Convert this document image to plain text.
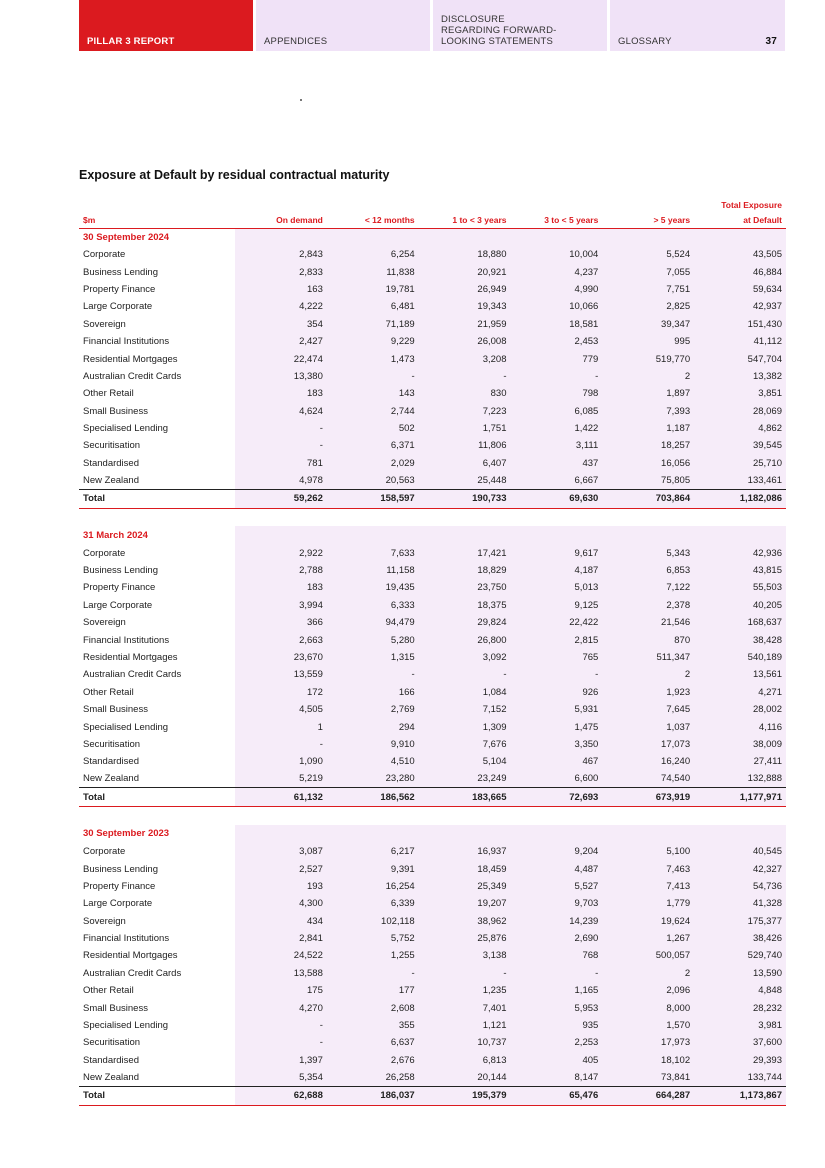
PILLAR 3 REPORT	APPENDICES
DISCLOSURE
REGARDING FORWARD-
LOOKING STATEMENTS	GLOSSARY	37
Exposure at Default by residual contractual maturity
						Total Exposure
$m	On demand	< 12 months	1 to < 3 years	3 to < 5 years	> 5 years	at Default
30 September 2024						
Corporate	2,843	6,254	18,880	10,004	5,524	43,505
Business Lending	2,833	11,838	20,921	4,237	7,055	46,884
Property Finance	163	19,781	26,949	4,990	7,751	59,634
Large Corporate	4,222	6,481	19,343	10,066	2,825	42,937
Sovereign	354	71,189	21,959	18,581	39,347	151,430
Financial Institutions	2,427	9,229	26,008	2,453	995	41,112
Residential Mortgages	22,474	1,473	3,208	779	519,770	547,704
Australian Credit Cards	13,380	-	-	-	2	13,382
Other Retail	183	143	830	798	1,897	3,851
Small Business	4,624	2,744	7,223	6,085	7,393	28,069
Specialised Lending	-	502	1,751	1,422	1,187	4,862
Securitisation	-	6,371	11,806	3,111	18,257	39,545
Standardised	781	2,029	6,407	437	16,056	25,710
New Zealand	4,978	20,563	25,448	6,667	75,805	133,461
Total	59,262	158,597	190,733	69,630	703,864	1,182,086

31 March 2024						
Corporate	2,922	7,633	17,421	9,617	5,343	42,936
Business Lending	2,788	11,158	18,829	4,187	6,853	43,815
Property Finance	183	19,435	23,750	5,013	7,122	55,503
Large Corporate	3,994	6,333	18,375	9,125	2,378	40,205
Sovereign	366	94,479	29,824	22,422	21,546	168,637
Financial Institutions	2,663	5,280	26,800	2,815	870	38,428
Residential Mortgages	23,670	1,315	3,092	765	511,347	540,189
Australian Credit Cards	13,559	-	-	-	2	13,561
Other Retail	172	166	1,084	926	1,923	4,271
Small Business	4,505	2,769	7,152	5,931	7,645	28,002
Specialised Lending	1	294	1,309	1,475	1,037	4,116
Securitisation	-	9,910	7,676	3,350	17,073	38,009
Standardised	1,090	4,510	5,104	467	16,240	27,411
New Zealand	5,219	23,280	23,249	6,600	74,540	132,888
Total	61,132	186,562	183,665	72,693	673,919	1,177,971

30 September 2023						
Corporate	3,087	6,217	16,937	9,204	5,100	40,545
Business Lending	2,527	9,391	18,459	4,487	7,463	42,327
Property Finance	193	16,254	25,349	5,527	7,413	54,736
Large Corporate	4,300	6,339	19,207	9,703	1,779	41,328
Sovereign	434	102,118	38,962	14,239	19,624	175,377
Financial Institutions	2,841	5,752	25,876	2,690	1,267	38,426
Residential Mortgages	24,522	1,255	3,138	768	500,057	529,740
Australian Credit Cards	13,588	-	-	-	2	13,590
Other Retail	175	177	1,235	1,165	2,096	4,848
Small Business	4,270	2,608	7,401	5,953	8,000	28,232
Specialised Lending	-	355	1,121	935	1,570	3,981
Securitisation	-	6,637	10,737	2,253	17,973	37,600
Standardised	1,397	2,676	6,813	405	18,102	29,393
New Zealand	5,354	26,258	20,144	8,147	73,841	133,744
Total	62,688	186,037	195,379	65,476	664,287	1,173,867
